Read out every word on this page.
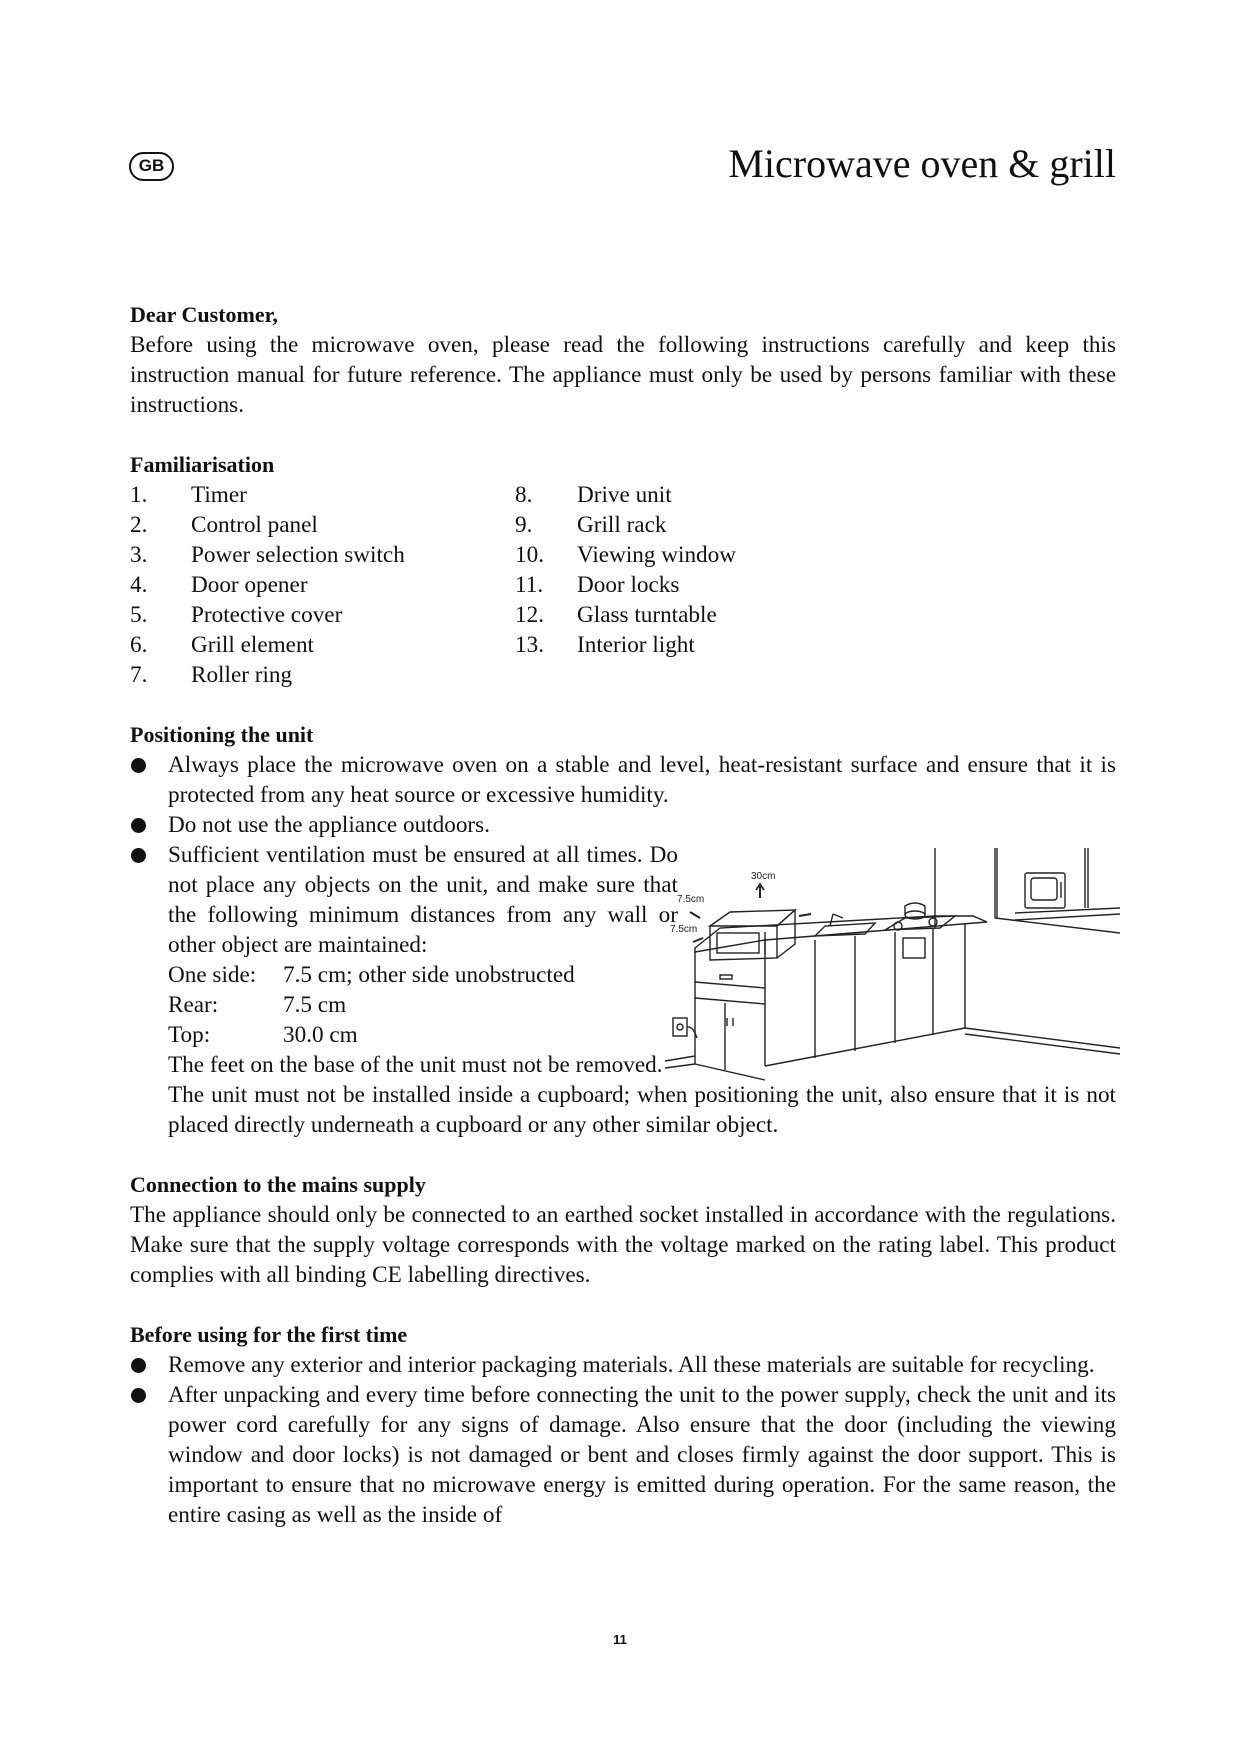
GB	Microwave oven & grill

Dear Customer,

Before using the microwave oven, please read the following instructions carefully and keep this instruction manual for future reference. The appliance must only be used by persons familiar with these instructions.

Familiarisation

1.	Timer
2.	Control panel
3.	Power selection switch
4.	Door opener
5.	Protective cover
6.	Grill element
7.	Roller ring
8.	Drive unit
9.	Grill rack
10.	Viewing window
11.	Door locks
12.	Glass turntable
13.	Interior light

Positioning the unit

Always place the microwave oven on a stable and level, heat-resistant surface and ensure that it is protected from any heat source or excessive humidity.
Do not use the appliance outdoors.
Sufficient ventilation must be ensured at all times. Do not place any objects on the unit, and make sure that the following minimum distances from any wall or other object are maintained:
One side:	7.5 cm; other side unobstructed
Rear:	7.5 cm
Top:	30.0 cm
The feet on the base of the unit must not be removed.
The unit must not be installed inside a cupboard; when positioning the unit, also ensure that it is not placed directly underneath a cupboard or any other similar object.

Connection to the mains supply

The appliance should only be connected to an earthed socket installed in accordance with the regulations. Make sure that the supply voltage corresponds with the voltage marked on the rating label. This product complies with all binding CE labelling directives.

Before using for the first time

Remove any exterior and interior packaging materials. All these materials are suitable for recycling.
After unpacking and every time before connecting the unit to the power supply, check the unit and its power cord carefully for any signs of damage. Also ensure that the door (including the viewing window and door locks) is not damaged or bent and closes firmly against the door support. This is important to ensure that no microwave energy is emitted during operation. For the same reason, the entire casing as well as the inside of
30cm
7.5cm
7.5cm
11
